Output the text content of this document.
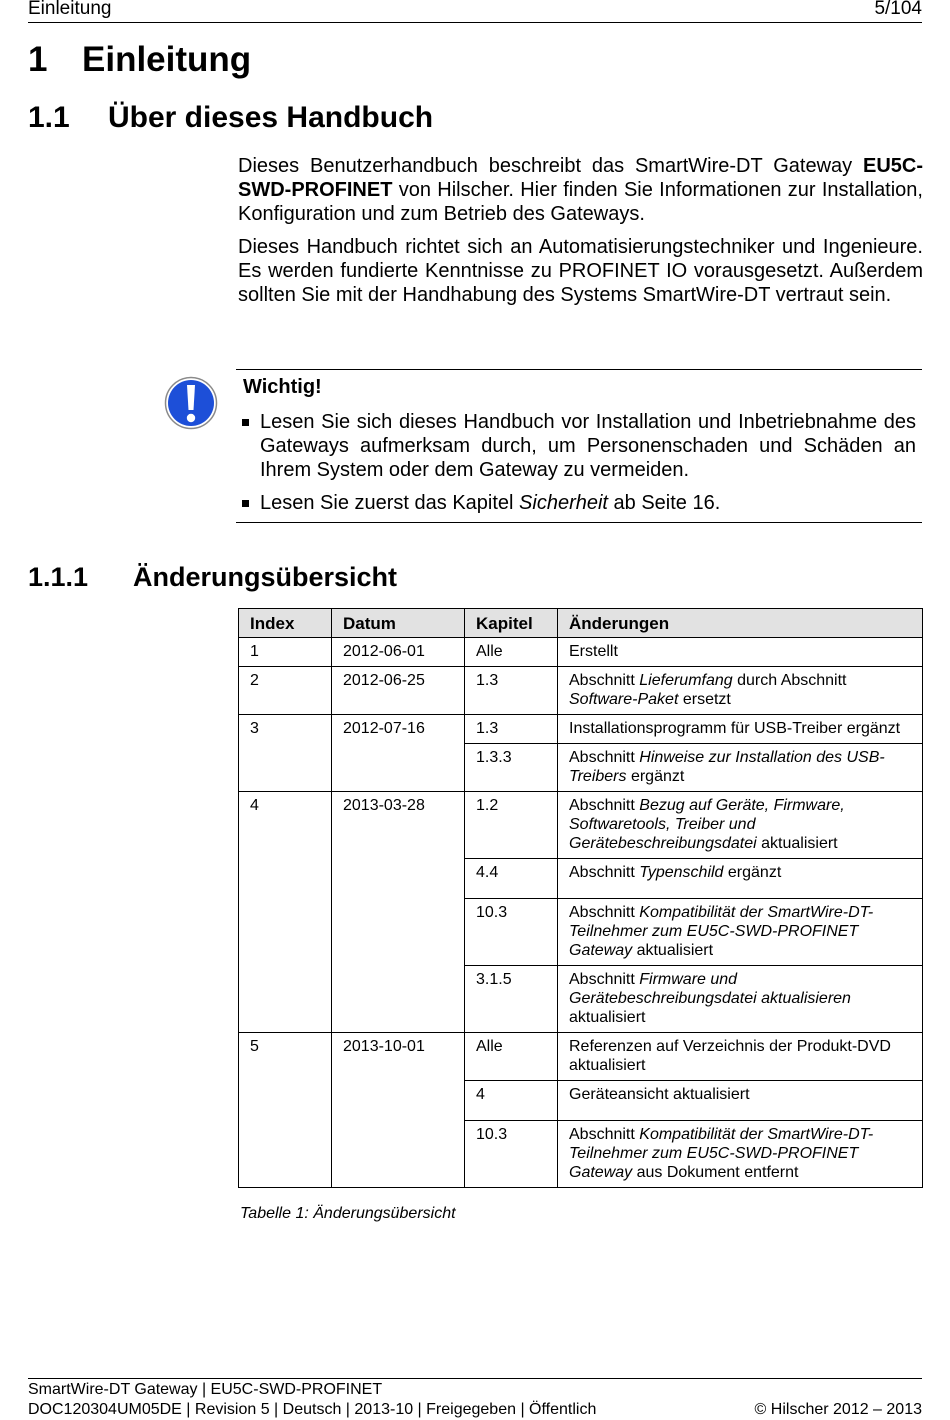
Einleitung	5/104
1 Einleitung
1.1 Über dieses Handbuch

Dieses Benutzerhandbuch beschreibt das SmartWire-DT Gateway EU5C-SWD-PROFINET von Hilscher. Hier finden Sie Informationen zur Installation, Konfiguration und zum Betrieb des Gateways.

Dieses Handbuch richtet sich an Automatisierungstechniker und Ingenieure. Es werden fundierte Kenntnisse zu PROFINET IO vorausgesetzt. Außerdem sollten Sie mit der Handhabung des Systems SmartWire-DT vertraut sein.

Wichtig!
Lesen Sie sich dieses Handbuch vor Installation und Inbetriebnahme des Gateways aufmerksam durch, um Personenschaden und Schäden an Ihrem System oder dem Gateway zu vermeiden.
Lesen Sie zuerst das Kapitel Sicherheit ab Seite 16.
1.1.1 Änderungsübersicht
Index	Datum	Kapitel	Änderungen
1	2012-06-01	Alle	Erstellt
2	2012-06-25	1.3	Abschnitt Lieferumfang durch Abschnitt Software-Paket ersetzt
3	2012-07-16	1.3	Installationsprogramm für USB-Treiber ergänzt
		1.3.3	Abschnitt Hinweise zur Installation des USB-Treibers ergänzt
4	2013-03-28	1.2	Abschnitt Bezug auf Geräte, Firmware, Softwaretools, Treiber und Gerätebeschreibungsdatei aktualisiert
		4.4	Abschnitt Typenschild ergänzt
		10.3	Abschnitt Kompatibilität der SmartWire-DT-Teilnehmer zum EU5C-SWD-PROFINET Gateway aktualisiert
		3.1.5	Abschnitt Firmware und Gerätebeschreibungsdatei aktualisieren aktualisiert
5	2013-10-01	Alle	Referenzen auf Verzeichnis der Produkt-DVD aktualisiert
		4	Geräteansicht aktualisiert
		10.3	Abschnitt Kompatibilität der SmartWire-DT-Teilnehmer zum EU5C-SWD-PROFINET Gateway aus Dokument entfernt
Tabelle 1: Änderungsübersicht
SmartWire-DT Gateway | EU5C-SWD-PROFINET
DOC120304UM05DE | Revision 5 | Deutsch | 2013-10 | Freigegeben | Öffentlich	© Hilscher 2012 – 2013
